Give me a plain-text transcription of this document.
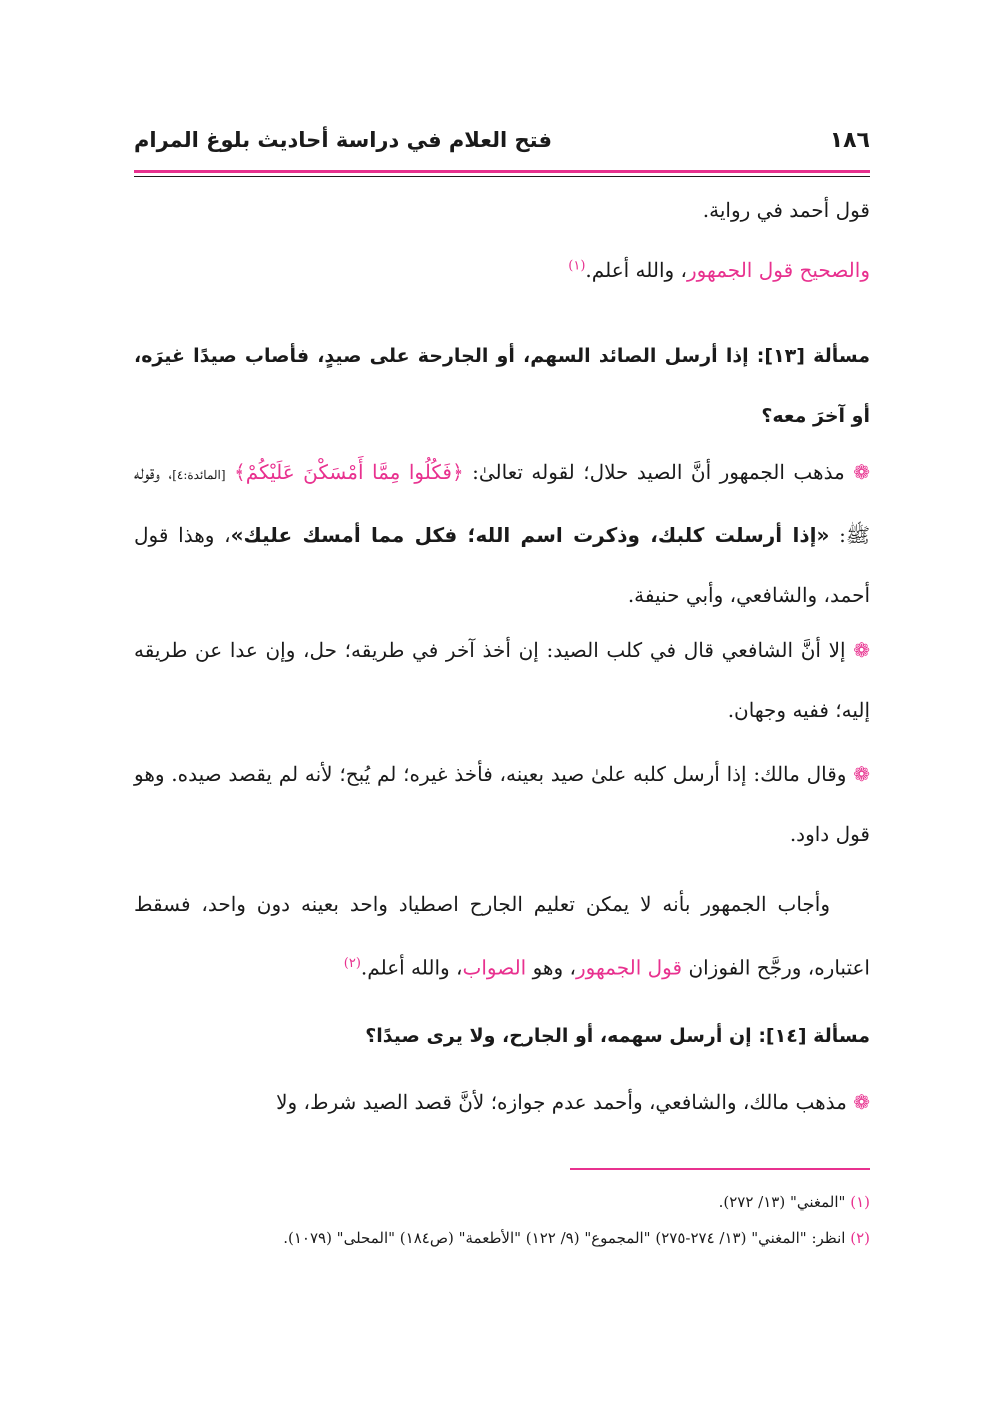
١٨٦
فتح العلام في دراسة أحاديث بلوغ المرام
قول أحمد في رواية.
والصحيح قول الجمهور، والله أعلم.$^{(١)}$

مسألة [١٣]: إذا أرسل الصائد السهم، أو الجارحة على صيدٍ، فأصاب صيدًا غيرَه، أو آخرَ معه؟

❁ مذهب الجمهور أنَّ الصيد حلال؛ لقوله تعالىٰ: ﴿فَكُلُوا مِمَّا أَمْسَكْنَ عَلَيْكُمْ﴾ [المائدة:٤]، وقوله ﷺ: «إذا أرسلت كلبك، وذكرت اسم الله؛ فكل مما أمسك عليك»، وهذا قول أحمد، والشافعي، وأبي حنيفة.

❁ إلا أنَّ الشافعي قال في كلب الصيد: إن أخذ آخر في طريقه؛ حل، وإن عدا عن طريقه إليه؛ ففيه وجهان.

❁ وقال مالك: إذا أرسل كلبه علىٰ صيد بعينه، فأخذ غيره؛ لم يُبح؛ لأنه لم يقصد صيده. وهو قول داود.

وأجاب الجمهور بأنه لا يمكن تعليم الجارح اصطياد واحد بعينه دون واحد، فسقط اعتباره، ورجَّح الفوزان قول الجمهور، وهو الصواب، والله أعلم.$^{(٢)}$

مسألة [١٤]: إن أرسل سهمه، أو الجارح، ولا يرى صيدًا؟

❁ مذهب مالك، والشافعي، وأحمد عدم جوازه؛ لأنَّ قصد الصيد شرط، ولا

(١) "المغني" (١٣/ ٢٧٢).
(٢) انظر: "المغني" (١٣/ ٢٧٤-٢٧٥) "المجموع" (٩/ ١٢٢) "الأطعمة" (ص١٨٤) "المحلى" (١٠٧٩).
